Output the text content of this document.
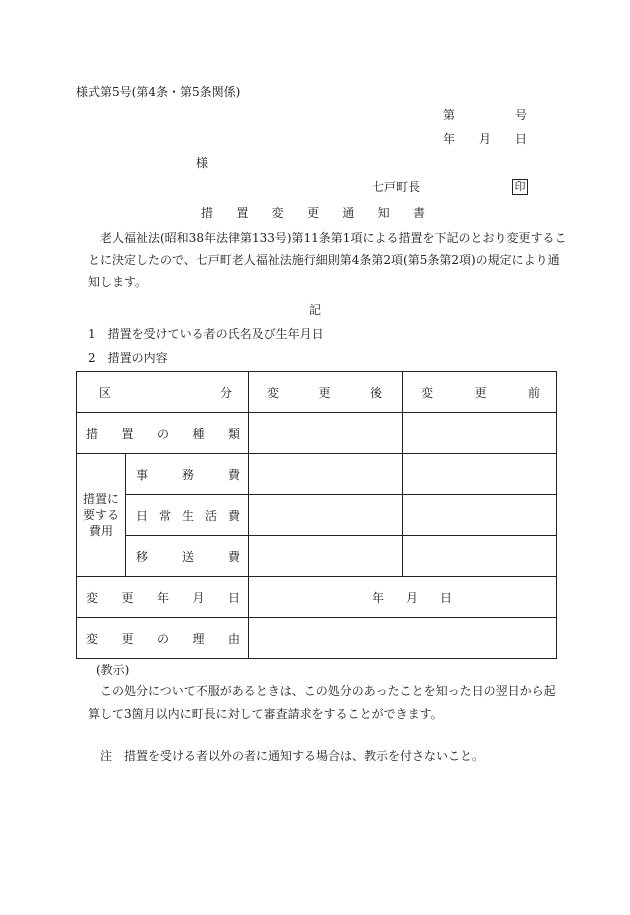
様式第5号(第4条・第5条関係)
第	号
年 月 日
様
七戸町長	印
措 置 変 更 通 知 書
老人福祉法(昭和38年法律第133号)第11条第1項による措置を下記のとおり変更するこ
とに決定したので、七戸町老人福祉法施行細則第4条第2項(第5条第2項)の規定により通
知します。
記
1　措置を受けている者の氏名及び生年月日
2　措置の内容
区 分		変 更 後	変 更 前

措 置 の 種 類			

措置に
要する
費用	事 務 費		

	日 常 生 活 費		

	移 送 費		

変 更 年 月 日		年 月 日	

変 更 の 理 由			

(教示)
この処分について不服があるときは、この処分のあったことを知った日の翌日から起
算して3箇月以内に町長に対して審査請求をすることができます。
注　措置を受ける者以外の者に通知する場合は、教示を付さないこと。
